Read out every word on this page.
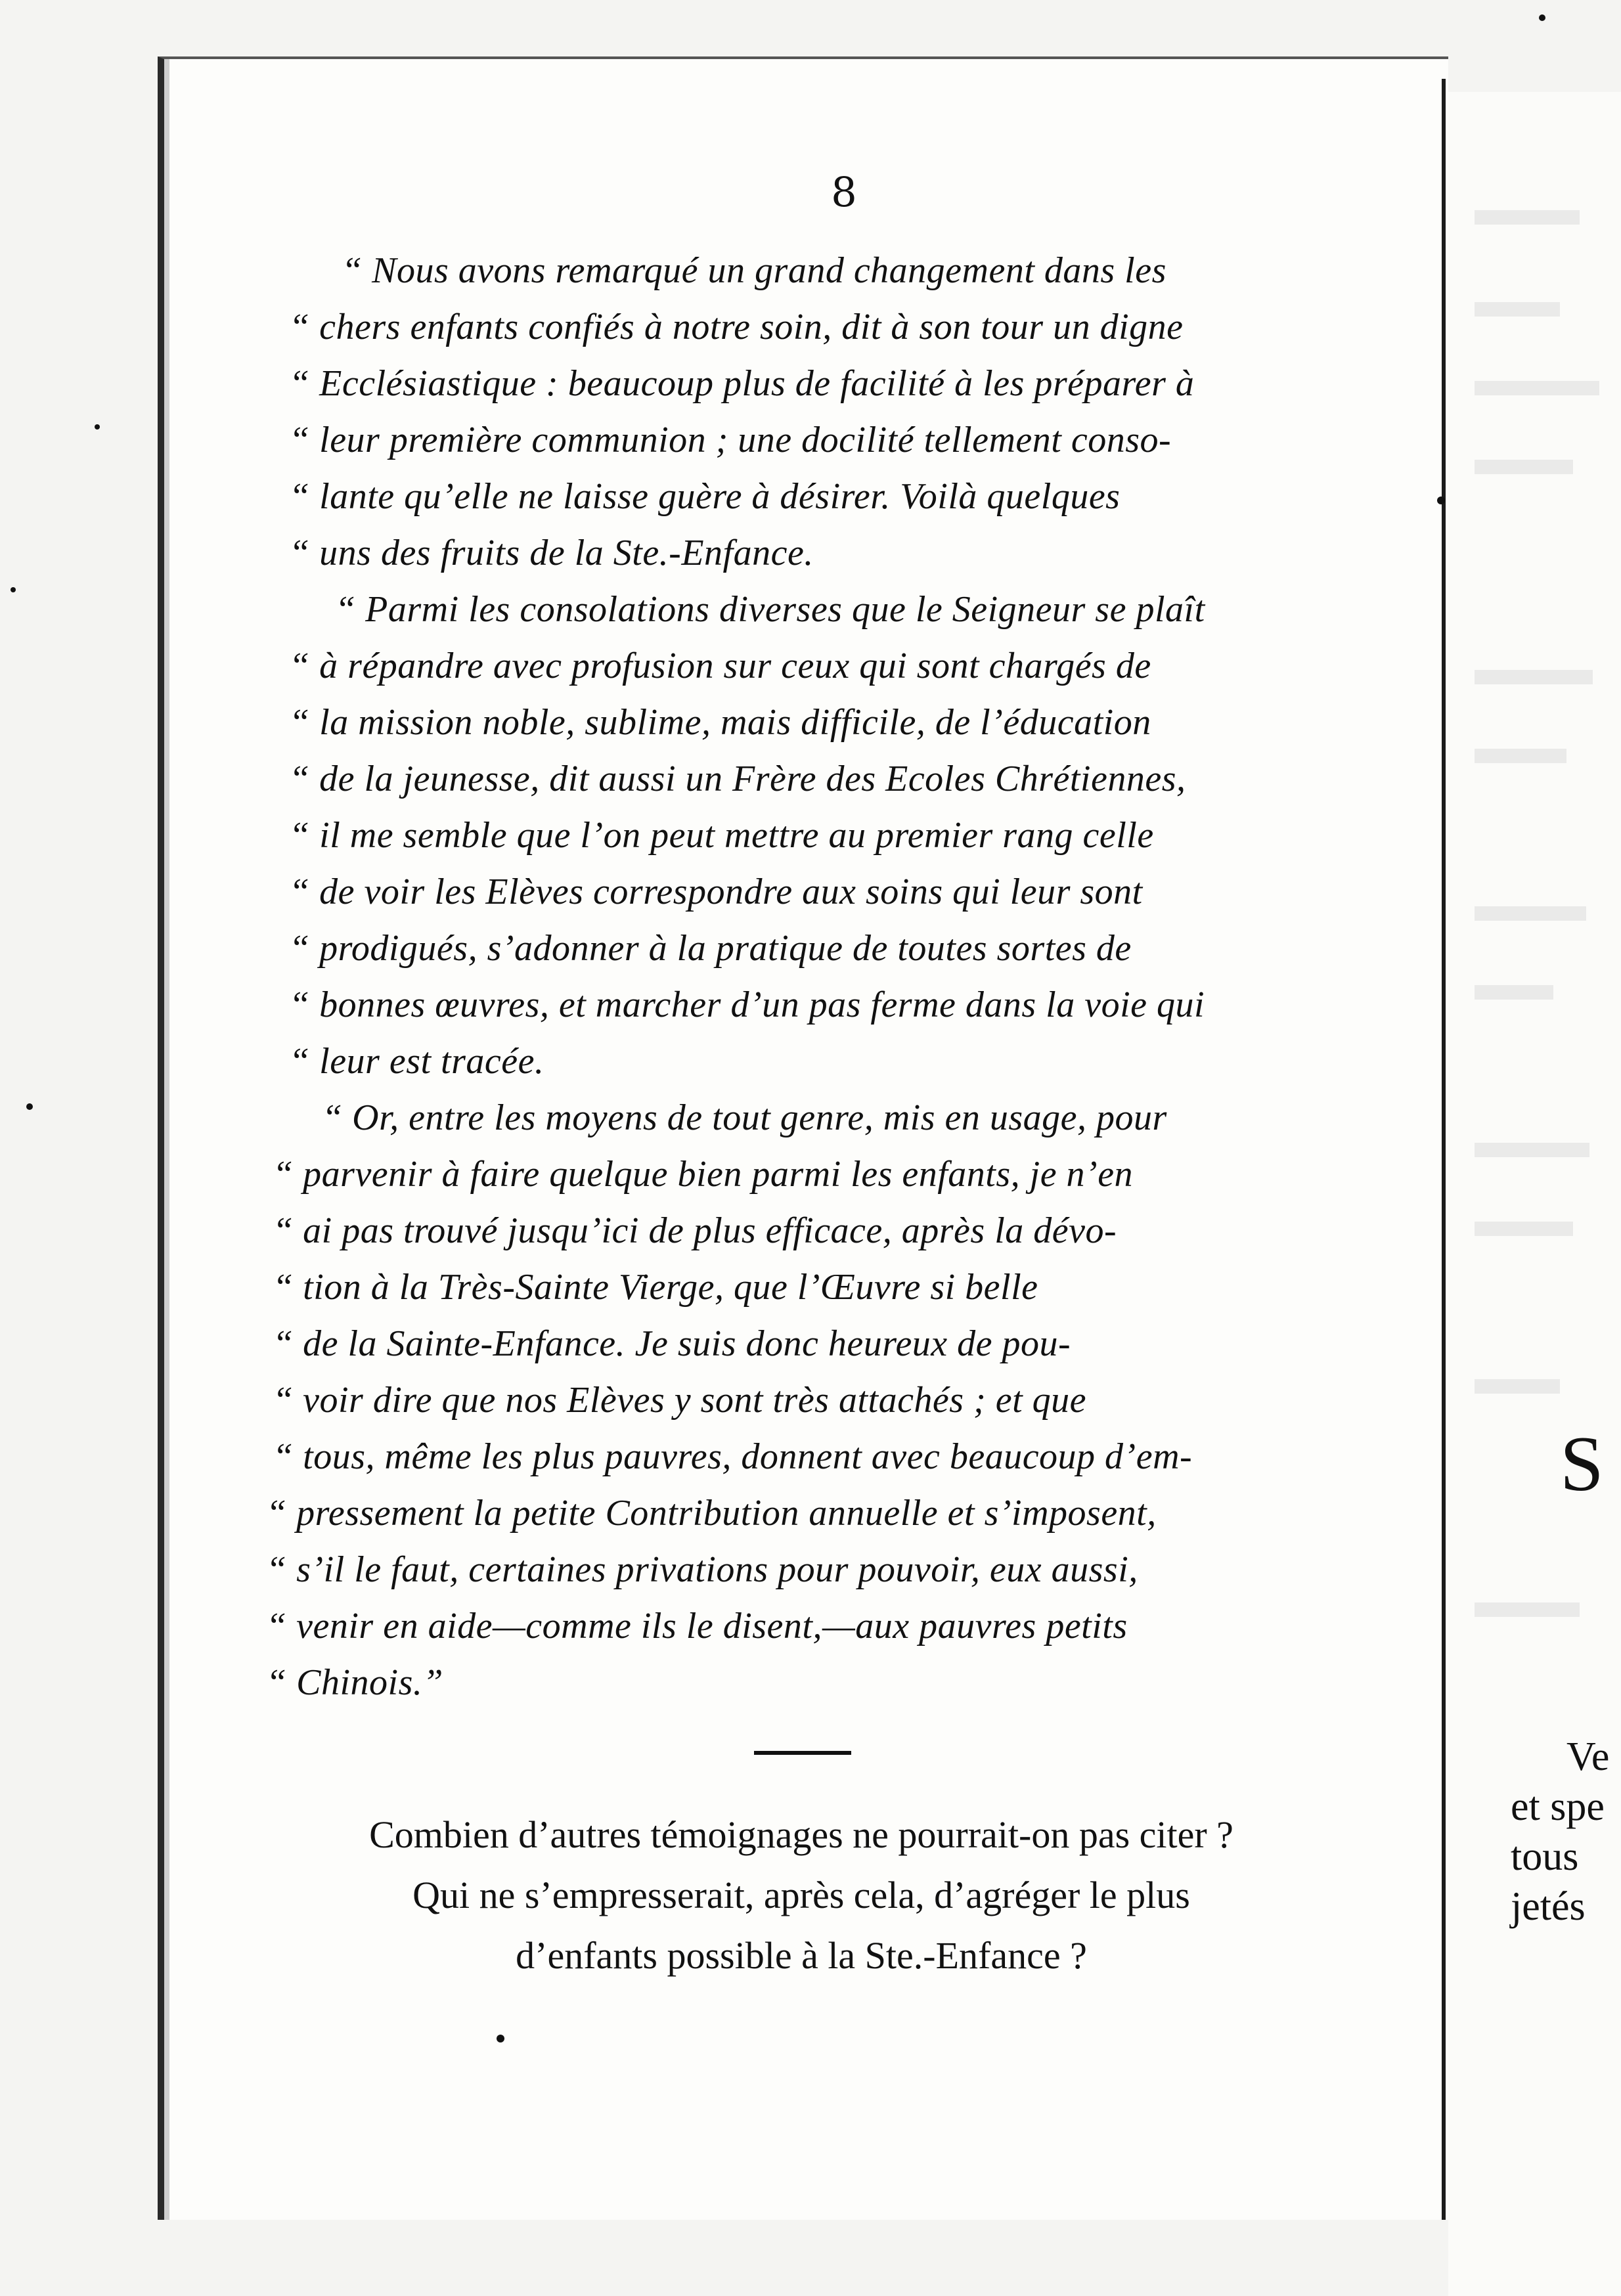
S
Ve
et spe
tous
jetés
8
“ Nous avons remarqué un grand changement dans les
“ chers enfants confiés à notre soin, dit à son tour un digne
“ Ecclésiastique : beaucoup plus de facilité à les préparer à
“ leur première communion ; une docilité tellement conso-
“ lante qu’elle ne laisse guère à désirer. Voilà quelques
“ uns des fruits de la Ste.-Enfance.
“ Parmi les consolations diverses que le Seigneur se plaît
“ à répandre avec profusion sur ceux qui sont chargés de
“ la mission noble, sublime, mais difficile, de l’éducation
“ de la jeunesse, dit aussi un Frère des Ecoles Chrétiennes,
“ il me semble que l’on peut mettre au premier rang celle
“ de voir les Elèves correspondre aux soins qui leur sont
“ prodigués, s’adonner à la pratique de toutes sortes de
“ bonnes œuvres, et marcher d’un pas ferme dans la voie qui
“ leur est tracée.
“ Or, entre les moyens de tout genre, mis en usage, pour
“ parvenir à faire quelque bien parmi les enfants, je n’en
“ ai pas trouvé jusqu’ici de plus efficace, après la dévo-
“ tion à la Très-Sainte Vierge, que l’Œuvre si belle
“ de la Sainte-Enfance. Je suis donc heureux de pou-
“ voir dire que nos Elèves y sont très attachés ; et que
“ tous, même les plus pauvres, donnent avec beaucoup d’em-
“ pressement la petite Contribution annuelle et s’imposent,
“ s’il le faut, certaines privations pour pouvoir, eux aussi,
“ venir en aide—comme ils le disent,—aux pauvres petits
“ Chinois.”
Combien d’autres témoignages ne pourrait-on pas citer ?
Qui ne s’empresserait, après cela, d’agréger le plus
d’enfants possible à la Ste.-Enfance ?
